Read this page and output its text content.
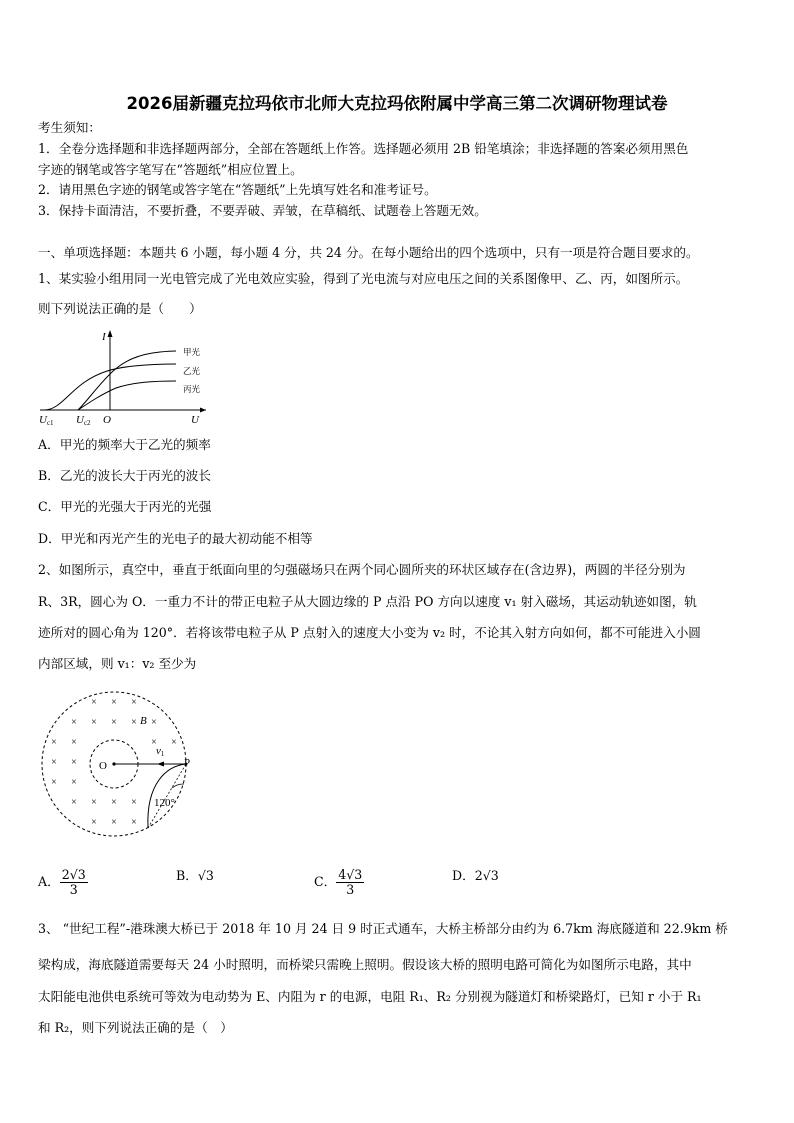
2026届新疆克拉玛依市北师大克拉玛依附属中学高三第二次调研物理试卷
考生须知：
1．全卷分选择题和非选择题两部分，全部在答题纸上作答。选择题必须用 2B 铅笔填涂；非选择题的答案必须用黑色
字迹的钢笔或答字笔写在“答题纸”相应位置上。
2．请用黑色字迹的钢笔或答字笔在“答题纸”上先填写姓名和准考证号。
3．保持卡面清洁，不要折叠，不要弄破、弄皱，在草稿纸、试题卷上答题无效。
一、单项选择题：本题共 6 小题，每小题 4 分，共 24 分。在每小题给出的四个选项中，只有一项是符合题目要求的。
1、某实验小组用同一光电管完成了光电效应实验，得到了光电流与对应电压之间的关系图像甲、乙、丙，如图所示。
则下列说法正确的是（　　）
I
U
O
Uc1 Uc2
甲光
乙光
丙光
A．甲光的频率大于乙光的频率
B．乙光的波长大于丙光的波长
C．甲光的光强大于丙光的光强
D．甲光和丙光产生的光电子的最大初动能不相等
2、如图所示，真空中，垂直于纸面向里的匀强磁场只在两个同心圆所夹的环状区域存在(含边界)，两圆的半径分别为
R、3R，圆心为 O．一重力不计的带正电粒子从大圆边缘的 P 点沿 PO 方向以速度 v₁ 射入磁场，其运动轨迹如图，轨
迹所对的圆心角为 120°．若将该带电粒子从 P 点射入的速度大小变为 v₂ 时，不论其入射方向如何，都不可能进入小圆
内部区域，则 v₁：v₂ 至少为
×
×
×
×
×
×
×
×
×
×
×
×
×
×
×
×
×
×
×
×
×
× ×
B
v1
O	P
120°
A． $\frac{2√3}{3}$	B．√3	C． $\frac{4√3}{3}$	D．2√3
3、 “世纪工程”-港珠澳大桥已于 2018 年 10 月 24 日 9 时正式通车，大桥主桥部分由约为 6.7km 海底隧道和 22.9km 桥
梁构成，海底隧道需要每天 24 小时照明，而桥梁只需晚上照明。假设该大桥的照明电路可简化为如图所示电路，其中
太阳能电池供电系统可等效为电动势为 E、内阻为 r 的电源，电阻 R₁、R₂ 分别视为隧道灯和桥梁路灯，已知 r 小于 R₁
和 R₂，则下列说法正确的是（　）
